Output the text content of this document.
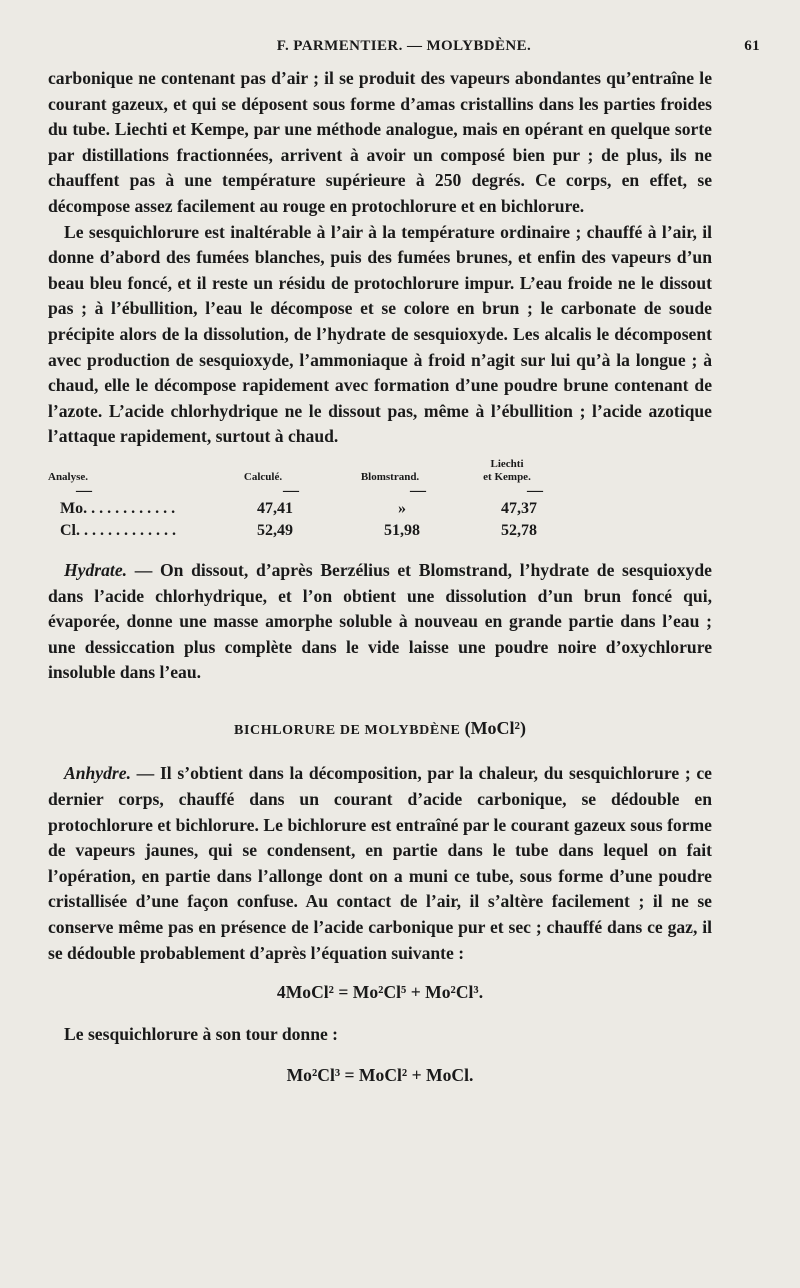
F. PARMENTIER. — MOLYBDÈNE.	61

carbonique ne contenant pas d’air ; il se produit des vapeurs abondantes qu’entraîne le courant gazeux, et qui se déposent sous forme d’amas cristallins dans les parties froides du tube. Liechti et Kempe, par une méthode analogue, mais en opérant en quelque sorte par distillations fractionnées, arrivent à avoir un composé bien pur ; de plus, ils ne chauffent pas à une température supérieure à 250 degrés. Ce corps, en effet, se décompose assez facilement au rouge en protochlorure et en bichlorure.

Le sesquichlorure est inaltérable à l’air à la température ordinaire ; chauffé à l’air, il donne d’abord des fumées blanches, puis des fumées brunes, et enfin des vapeurs d’un beau bleu foncé, et il reste un résidu de protochlorure impur. L’eau froide ne le dissout pas ; à l’ébullition, l’eau le décompose et se colore en brun ; le carbonate de soude précipite alors de la dissolution, de l’hydrate de sesquioxyde. Les alcalis le décomposent avec production de sesquioxyde, l’ammoniaque à froid n’agit sur lui qu’à la longue ; à chaud, elle le décompose rapidement avec formation d’une poudre brune contenant de l’azote. L’acide chlorhydrique ne le dissout pas, même à l’ébullition ; l’acide azotique l’attaque rapidement, surtout à chaud.

Analyse.	Calculé.	Blomstrand.
Liechti
et Kempe.
—	—	—	—
Mo. . . . . . . . . . . .	47,41	»	47,37
Cl. . . . . . . . . . . . .	52,49	51,98	52,78

Hydrate. — On dissout, d’après Berzélius et Blomstrand, l’hydrate de sesquioxyde dans l’acide chlorhydrique, et l’on obtient une dissolution d’un brun foncé qui, évaporée, donne une masse amorphe soluble à nouveau en grande partie dans l’eau ; une dessiccation plus complète dans le vide laisse une poudre noire d’oxychlorure insoluble dans l’eau.

BICHLORURE DE MOLYBDÈNE (MoCl²)

Anhydre. — Il s’obtient dans la décomposition, par la chaleur, du sesquichlorure ; ce dernier corps, chauffé dans un courant d’acide carbonique, se dédouble en protochlorure et bichlorure. Le bichlorure est entraîné par le courant gazeux sous forme de vapeurs jaunes, qui se condensent, en partie dans le tube dans lequel on fait l’opération, en partie dans l’allonge dont on a muni ce tube, sous forme d’une poudre cristallisée d’une façon confuse. Au contact de l’air, il s’altère facilement ; il ne se conserve même pas en présence de l’acide carbonique pur et sec ; chauffé dans ce gaz, il se dédouble probablement d’après l’équation suivante :

4MoCl² = Mo²Cl⁵ + Mo²Cl³.

Le sesquichlorure à son tour donne :

Mo²Cl³ = MoCl² + MoCl.
